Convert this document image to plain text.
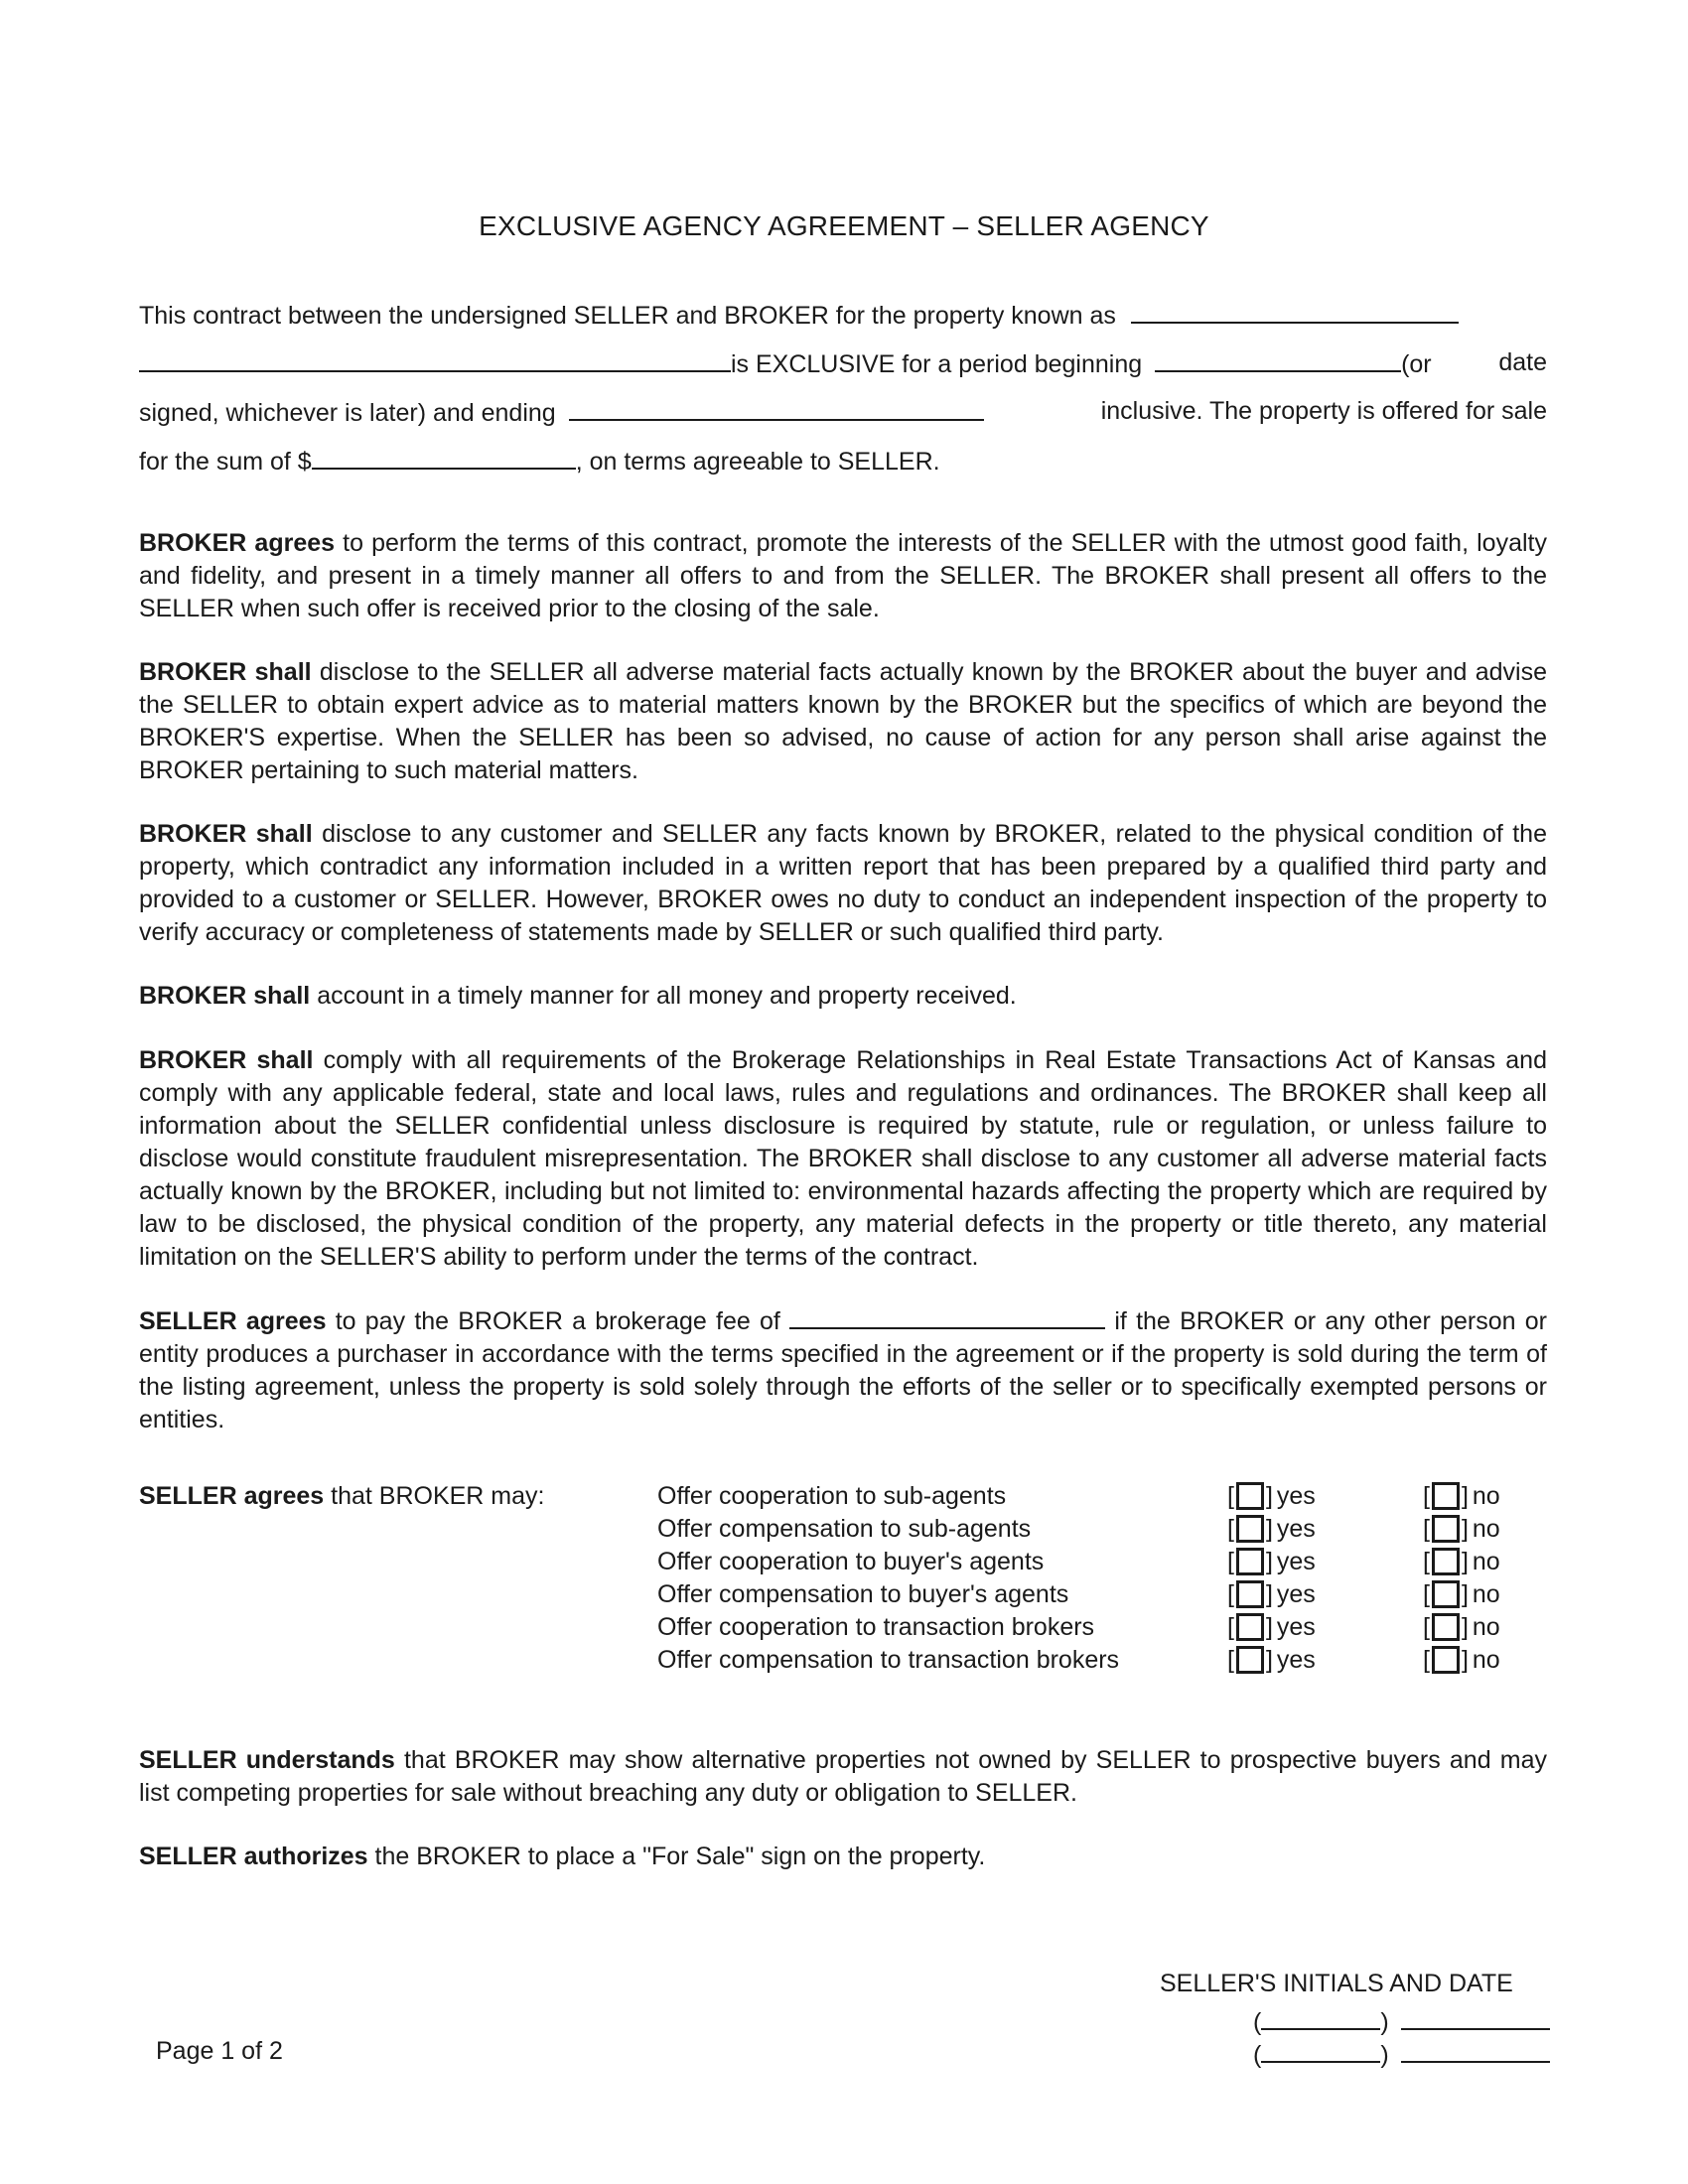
EXCLUSIVE AGENCY AGREEMENT – SELLER AGENCY
This contract between the undersigned SELLER and BROKER for the property known as
is EXCLUSIVE for a period beginning	(or	date
signed, whichever is later) and ending	inclusive. The property is offered for sale
for the sum of $	, on terms agreeable to SELLER.
BROKER agrees to perform the terms of this contract, promote the interests of the SELLER with the utmost good faith, loyalty and fidelity, and present in a timely manner all offers to and from the SELLER. The BROKER shall present all offers to the SELLER when such offer is received prior to the closing of the sale.
BROKER shall disclose to the SELLER all adverse material facts actually known by the BROKER about the buyer and advise the SELLER to obtain expert advice as to material matters known by the BROKER but the specifics of which are beyond the BROKER'S expertise. When the SELLER has been so advised, no cause of action for any person shall arise against the BROKER pertaining to such material matters.
BROKER shall disclose to any customer and SELLER any facts known by BROKER, related to the physical condition of the property, which contradict any information included in a written report that has been prepared by a qualified third party and provided to a customer or SELLER. However, BROKER owes no duty to conduct an independent inspection of the property to verify accuracy or completeness of statements made by SELLER or such qualified third party.
BROKER shall account in a timely manner for all money and property received.
BROKER shall comply with all requirements of the Brokerage Relationships in Real Estate Transactions Act of Kansas and comply with any applicable federal, state and local laws, rules and regulations and ordinances. The BROKER shall keep all information about the SELLER confidential unless disclosure is required by statute, rule or regulation, or unless failure to disclose would constitute fraudulent misrepresentation. The BROKER shall disclose to any customer all adverse material facts actually known by the BROKER, including but not limited to: environmental hazards affecting the property which are required by law to be disclosed, the physical condition of the property, any material defects in the property or title thereto, any material limitation on the SELLER'S ability to perform under the terms of the contract.
SELLER agrees to pay the BROKER a brokerage fee of	if the BROKER or any other person or entity produces a purchaser in accordance with the terms specified in the agreement or if the property is sold during the term of the listing agreement, unless the property is sold solely through the efforts of the seller or to specifically exempted persons or entities.
SELLER agrees that BROKER may:	Offer cooperation to sub-agents	[ ] yes	[ ] no
Offer compensation to sub-agents	[ ] yes	[ ] no
Offer cooperation to buyer's agents	[ ] yes	[ ] no
Offer compensation to buyer's agents	[ ] yes	[ ] no
Offer cooperation to transaction brokers	[ ] yes	[ ] no
Offer compensation to transaction brokers	[ ] yes	[ ] no
SELLER understands that BROKER may show alternative properties not owned by SELLER to prospective buyers and may list competing properties for sale without breaching any duty or obligation to SELLER.
SELLER authorizes the BROKER to place a "For Sale" sign on the property.
SELLER'S INITIALS AND DATE
(	)
(	)
Page 1 of 2
